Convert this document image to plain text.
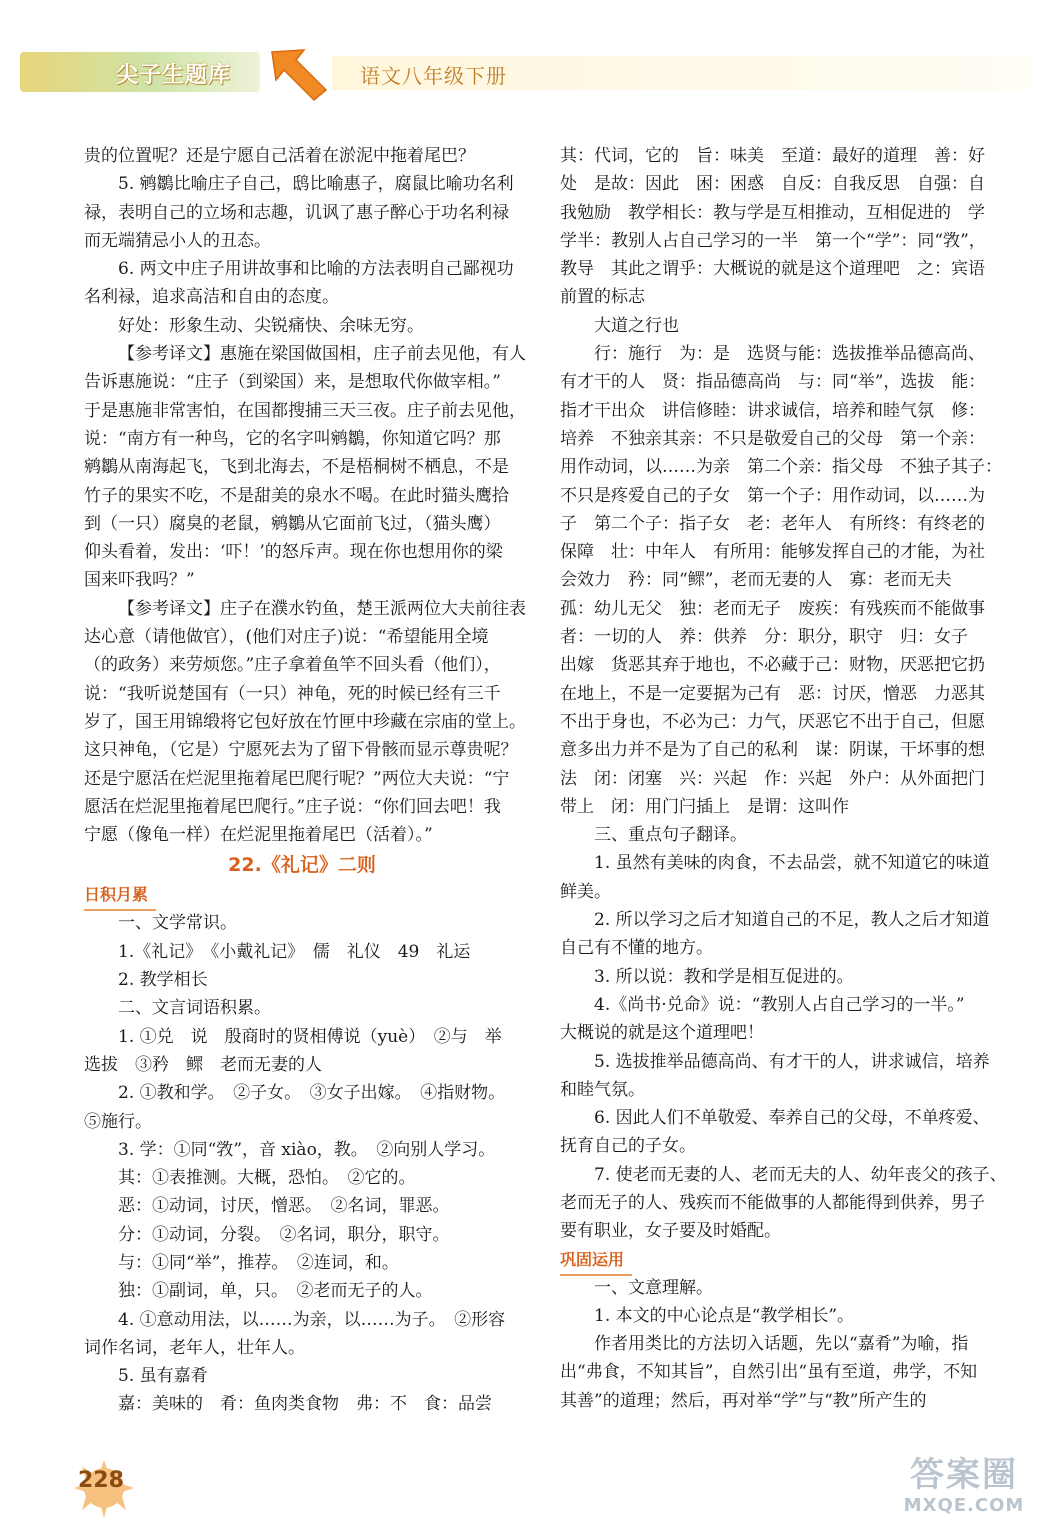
尖子生题库	语文八年级下册
贵的位置呢？还是宁愿自己活着在淤泥中拖着尾巴？
5. 鹓鶵比喻庄子自己，鸱比喻惠子，腐鼠比喻功名利
禄，表明自己的立场和志趣，讥讽了惠子醉心于功名利禄
而无端猜忌小人的丑态。
6. 两文中庄子用讲故事和比喻的方法表明自己鄙视功
名利禄，追求高洁和自由的态度。
好处：形象生动、尖锐痛快、余味无穷。
【参考译文】惠施在梁国做国相，庄子前去见他，有人
告诉惠施说：“庄子（到梁国）来，是想取代你做宰相。”
于是惠施非常害怕，在国都搜捕三天三夜。庄子前去见他，
说：“南方有一种鸟，它的名字叫鹓鶵，你知道它吗？那
鹓鶵从南海起飞，飞到北海去，不是梧桐树不栖息，不是
竹子的果实不吃，不是甜美的泉水不喝。在此时猫头鹰拾
到（一只）腐臭的老鼠，鹓鶵从它面前飞过，（猫头鹰）
仰头看着，发出：‘吓！’的怒斥声。现在你也想用你的梁
国来吓我吗？”
【参考译文】庄子在濮水钓鱼，楚王派两位大夫前往表
达心意（请他做官），(他们对庄子)说：“希望能用全境
（的政务）来劳烦您。”庄子拿着鱼竿不回头看（他们），
说：“我听说楚国有（一只）神龟，死的时候已经有三千
岁了，国王用锦缎将它包好放在竹匣中珍藏在宗庙的堂上。
这只神龟，（它是）宁愿死去为了留下骨骸而显示尊贵呢？
还是宁愿活在烂泥里拖着尾巴爬行呢？”两位大夫说：“宁
愿活在烂泥里拖着尾巴爬行。”庄子说：“你们回去吧！我
宁愿（像龟一样）在烂泥里拖着尾巴（活着）。”
22.《礼记》二则
日积月累
一、文学常识。
1.《礼记》　《小戴礼记》　儒　礼仪　49　礼运
2. 教学相长
二、文言词语积累。
1. ①兑　说　殷商时的贤相傅说（yuè）　②与　举
选拔　③矜　鳏　老而无妻的人
2. ①教和学。　②子女。　③女子出嫁。　④指财物。
⑤施行。
3. 学：①同“敩”，音 xiào，教。　②向别人学习。
其：①表推测。大概，恐怕。　②它的。
恶：①动词，讨厌，憎恶。　②名词，罪恶。
分：①动词，分裂。　②名词，职分，职守。
与：①同“举”，推荐。　②连词，和。
独：①副词，单，只。　②老而无子的人。
4. ①意动用法，以……为亲，以……为子。　②形容
词作名词，老年人，壮年人。
5. 虽有嘉肴
嘉：美味的　肴：鱼肉类食物　弗：不　食：品尝
其：代词，它的　旨：味美　至道：最好的道理　善：好
处　是故：因此　困：困惑　自反：自我反思　自强：自
我勉励　教学相长：教与学是互相推动，互相促进的　学
学半：教别人占自己学习的一半　第一个“学”：同“敩”，
教导　其此之谓乎：大概说的就是这个道理吧　之：宾语
前置的标志
大道之行也
行：施行　为：是　选贤与能：选拔推举品德高尚、
有才干的人　贤：指品德高尚　与：同“举”，选拔　能：
指才干出众　讲信修睦：讲求诚信，培养和睦气氛　修：
培养　不独亲其亲：不只是敬爱自己的父母　第一个亲：
用作动词，以……为亲　第二个亲：指父母　不独子其子：
不只是疼爱自己的子女　第一个子：用作动词，以……为
子　第二个子：指子女　老：老年人　有所终：有终老的
保障　壮：中年人　有所用：能够发挥自己的才能，为社
会效力　矜：同“鳏”，老而无妻的人　寡：老而无夫
孤：幼儿无父　独：老而无子　废疾：有残疾而不能做事
者：一切的人　养：供养　分：职分，职守　归：女子
出嫁　货恶其弃于地也，不必藏于己：财物，厌恶把它扔
在地上，不是一定要据为己有　恶：讨厌，憎恶　力恶其
不出于身也，不必为己：力气，厌恶它不出于自己，但愿
意多出力并不是为了自己的私利　谋：阴谋，干坏事的想
法　闭：闭塞　兴：兴起　作：兴起　外户：从外面把门
带上　闭：用门闩插上　是谓：这叫作
三、重点句子翻译。
1. 虽然有美味的肉食，不去品尝，就不知道它的味道
鲜美。
2. 所以学习之后才知道自己的不足，教人之后才知道
自己有不懂的地方。
3. 所以说：教和学是相互促进的。
4.《尚书·兑命》说：“教别人占自己学习的一半。”
大概说的就是这个道理吧！
5. 选拔推举品德高尚、有才干的人，讲求诚信，培养
和睦气氛。
6. 因此人们不单敬爱、奉养自己的父母，不单疼爱、
抚育自己的子女。
7. 使老而无妻的人、老而无夫的人、幼年丧父的孩子、
老而无子的人、残疾而不能做事的人都能得到供养，男子
要有职业，女子要及时婚配。
巩固运用
一、文意理解。
1. 本文的中心论点是“教学相长”。
作者用类比的方法切入话题，先以“嘉肴”为喻，指
出“弗食，不知其旨”，自然引出“虽有至道，弗学，不知
其善”的道理；然后，再对举“学”与“教”所产生的
228	答案圈
MXQE.COM
